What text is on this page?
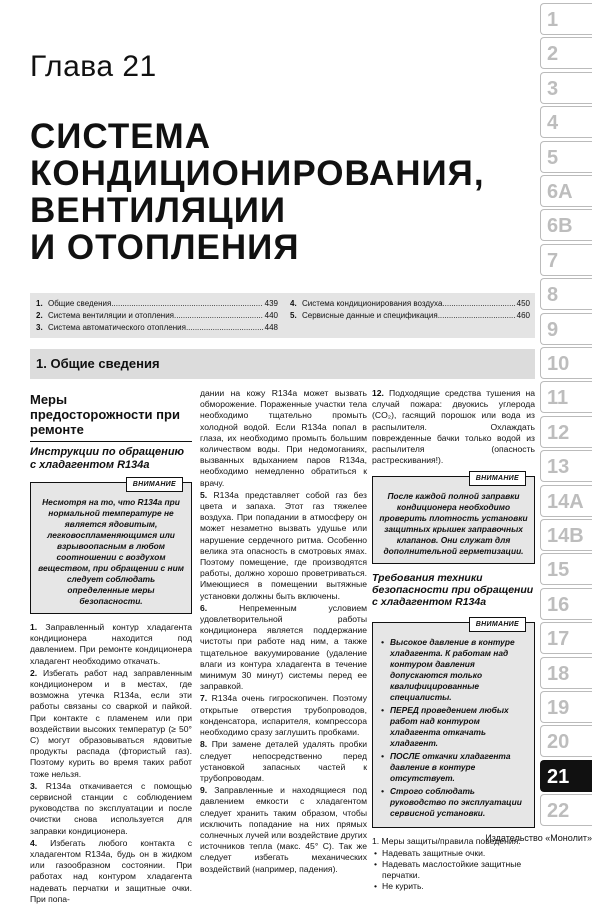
Глава 21
СИСТЕМА
КОНДИЦИОНИРОВАНИЯ,
ВЕНТИЛЯЦИИ
И ОТОПЛЕНИЯ
1. Общие сведения .....	439
2. Система вентиляции и отопления .....	440
3. Система автоматического отопления .....	448
4. Система кондиционирования воздуха .....	450
5. Сервисные данные и спецификация .....	460
1. Общие сведения
Меры предосторожности при ремонте
Инструкции по обращению с хладагентом R134a
ВНИМАНИЕ
Несмотря на то, что R134a при нормальной температуре не является ядовитым, легковоспламеняющимся или взрывоопасным в любом соотношении с воздухом веществом, при обращении с ним следует соблюдать определенные меры безопасности.

1. Заправленный контур хладагента кондиционера находится под давлением. При ремонте кондиционера хладагент необходимо откачать.

2. Избегать работ над заправленным кондиционером и в местах, где возможна утечка R134a, если эти работы связаны со сваркой и пайкой. При контакте с пламенем или при воздействии высоких температур (≥ 50° С) могут образовываться ядовитые продукты распада (фтористый газ). Поэтому курить во время таких работ тоже нельзя.

3. R134a откачивается с помощью сервисной станции с соблюдением руководства по эксплуатации и после очистки снова используется для заправки кондиционера.

4. Избегать любого контакта с хладагентом R134a, будь он в жидком или газообразном состоянии. При работах над контуром хладагента надевать перчатки и защитные очки. При попа-

дании на кожу R134a может вызвать обморожение. Пораженные участки тела необходимо тщательно промыть холодной водой. Если R134a попал в глаза, их необходимо промыть большим количеством воды. При недомоганиях, вызванных вдыханием паров R134a, необходимо немедленно обратиться к врачу.

5. R134a представляет собой газ без цвета и запаха. Этот газ тяжелее воздуха. При попадании в атмосферу он может незаметно вызвать удушье или нарушение сердечного ритма. Особенно велика эта опасность в смотровых ямах. Поэтому помещение, где производятся работы, должно хорошо проветриваться. Имеющиеся в помещении вытяжные установки должны быть включены.

6.	Непременным условием удовлетворительной работы кондиционера является поддержание чистоты при работе над ним, а также тщательное вакуумирование (удаление влаги из контура хладагента в течение минимум 30 минут) системы перед ее заправкой.

7. R134a очень гигроскопичен. Поэтому открытые отверстия трубопроводов, конденсатора, испарителя, компрессора необходимо сразу заглушить пробками.

8. При замене деталей удалять пробки следует непосредственно перед установкой запасных частей к трубопроводам.

9. Заправленные и находящиеся под давлением емкости с хладагентом следует хранить таким образом, чтобы исключить попадание на них прямых солнечных лучей или воздействие других источников тепла (макс. 45° С). Так же следует избегать механических воздействий (например, падения).

12. Подходящие средства тушения на случай пожара: двуокись углерода (CO₂), гасящий порошок или вода из распылителя. Охлаждать поврежденные бачки только водой из распылителя (опасность растрескивания!).

ВНИМАНИЕ
После каждой полной заправки кондиционера необходимо проверить плотность установки защитных крышек заправочных клапанов. Они служат для дополнительной герметизации.
Требования техники безопасности при обращении с хладагентом R134a
ВНИМАНИЕ
• Высокое давление в контуре хладагента. К работам над контуром давления допускаются только квалифицированные специалисты.
• ПЕРЕД проведением любых работ над контуром хладагента откачать хладагент.
• ПОСЛЕ откачки хладагента давление в контуре отсутствует.
• Строго соблюдать руководство по эксплуатации сервисной установки.
1. Меры защиты/правила поведения:
• Надевать защитные очки.
• Надевать маслостойкие защитные перчатки.
• Не курить.
1
2
3
4
5
6A
6B
7
8
9
10
11
12
13
14A
14B
15
16
17
18
19
20
21
22
Издательство «Монолит»
